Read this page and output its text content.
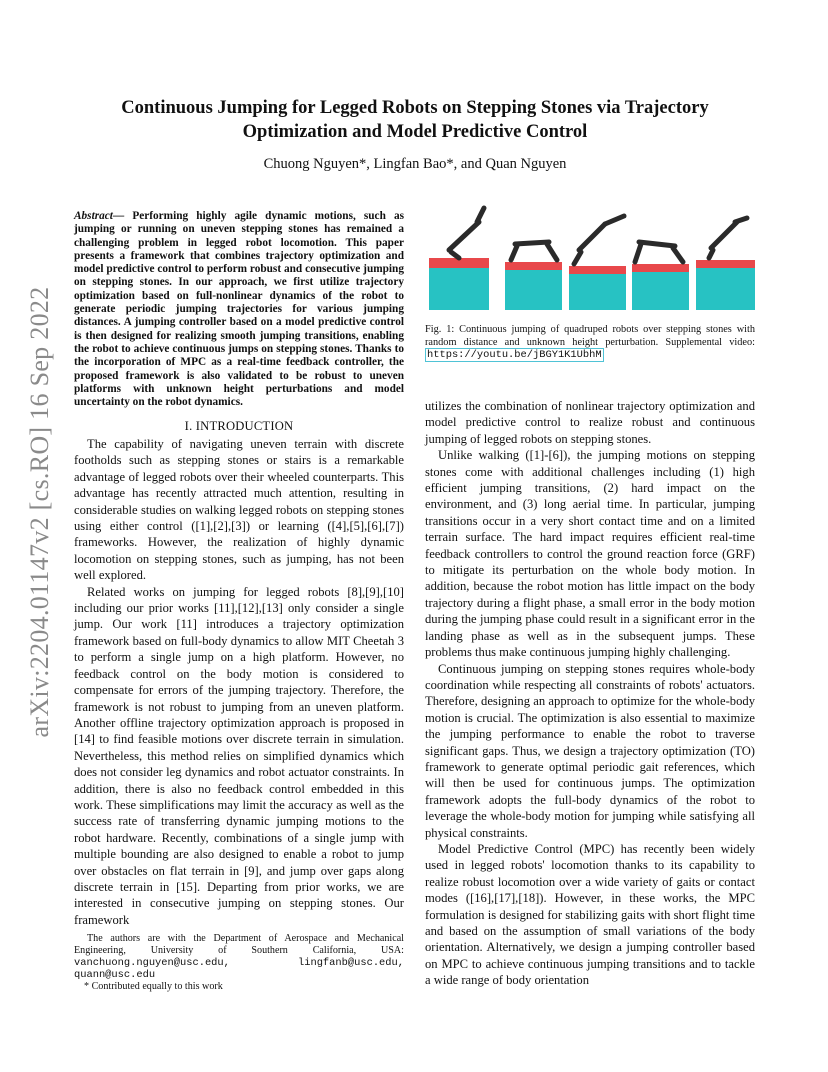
arXiv:2204.01147v2 [cs.RO] 16 Sep 2022
Continuous Jumping for Legged Robots on Stepping Stones via Trajectory Optimization and Model Predictive Control
Chuong Nguyen*, Lingfan Bao*, and Quan Nguyen
Abstract— Performing highly agile dynamic motions, such as jumping or running on uneven stepping stones has remained a challenging problem in legged robot locomotion. This paper presents a framework that combines trajectory optimization and model predictive control to perform robust and consecutive jumping on stepping stones. In our approach, we first utilize trajectory optimization based on full-nonlinear dynamics of the robot to generate periodic jumping trajectories for various jumping distances. A jumping controller based on a model predictive control is then designed for realizing smooth jumping transitions, enabling the robot to achieve continuous jumps on stepping stones. Thanks to the incorporation of MPC as a real-time feedback controller, the proposed framework is also validated to be robust to uneven platforms with unknown height perturbations and model uncertainty on the robot dynamics.
I. INTRODUCTION

The capability of navigating uneven terrain with discrete footholds such as stepping stones or stairs is a remarkable advantage of legged robots over their wheeled counterparts. This advantage has recently attracted much attention, resulting in considerable studies on walking legged robots on stepping stones using either control ([1],[2],[3]) or learning ([4],[5],[6],[7]) frameworks. However, the realization of highly dynamic locomotion on stepping stones, such as jumping, has not been well explored.

Related works on jumping for legged robots [8],[9],[10] including our prior works [11],[12],[13] only consider a single jump. Our work [11] introduces a trajectory optimization framework based on full-body dynamics to allow MIT Cheetah 3 to perform a single jump on a high platform. However, no feedback control on the body motion is considered to compensate for errors of the jumping trajectory. Therefore, the framework is not robust to jumping from an uneven platform. Another offline trajectory optimization approach is proposed in [14] to find feasible motions over discrete terrain in simulation. Nevertheless, this method relies on simplified dynamics which does not consider leg dynamics and robot actuator constraints. In addition, there is also no feedback control embedded in this work. These simplifications may limit the accuracy as well as the success rate of transferring dynamic jumping motions to the robot hardware. Recently, combinations of a single jump with multiple bounding are also designed to enable a robot to jump over obstacles on flat terrain in [9], and jump over gaps along discrete terrain in [15]. Departing from prior works, we are interested in consecutive jumping on stepping stones. Our framework

The authors are with the Department of Aerospace and Mechanical Engineering, University of Southern California, USA: vanchuong.nguyen@usc.edu, lingfanb@usc.edu, quann@usc.edu
* Contributed equally to this work
Fig. 1: Continuous jumping of quadruped robots over stepping stones with random distance and unknown height perturbation. Supplemental video: https://youtu.be/jBGY1K1UbhM

utilizes the combination of nonlinear trajectory optimization and model predictive control to realize robust and continuous jumping of legged robots on stepping stones.

Unlike walking ([1]-[6]), the jumping motions on stepping stones come with additional challenges including (1) high efficient jumping transitions, (2) hard impact on the environment, and (3) long aerial time. In particular, jumping transitions occur in a very short contact time and on a limited terrain surface. The hard impact requires efficient real-time feedback controllers to control the ground reaction force (GRF) to mitigate its perturbation on the whole body motion. In addition, because the robot motion has little impact on the body trajectory during a flight phase, a small error in the body motion during the jumping phase could result in a significant error in the landing phase as well as in the subsequent jumps. These problems thus make continuous jumping highly challenging.

Continuous jumping on stepping stones requires whole-body coordination while respecting all constraints of robots' actuators. Therefore, designing an approach to optimize for the whole-body motion is crucial. The optimization is also essential to maximize the jumping performance to enable the robot to traverse significant gaps. Thus, we design a trajectory optimization (TO) framework to generate optimal periodic gait references, which will then be used for continuous jumps. The optimization framework adopts the full-body dynamics of the robot to leverage the whole-body motion for jumping while satisfying all physical constraints.

Model Predictive Control (MPC) has recently been widely used in legged robots' locomotion thanks to its capability to realize robust locomotion over a wide variety of gaits or contact modes ([16],[17],[18]). However, in these works, the MPC formulation is designed for stabilizing gaits with short flight time and based on the assumption of small variations of the body orientation. Alternatively, we design a jumping controller based on MPC to achieve continuous jumping transitions and to tackle a wide range of body orientation
